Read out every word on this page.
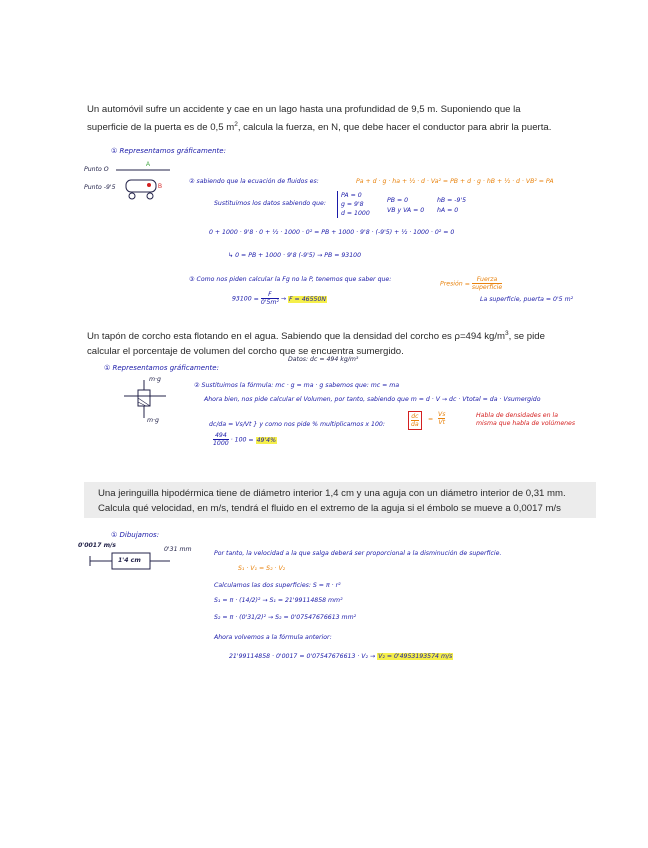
Un automóvil sufre un accidente y cae en un lago hasta una profundidad de 9,5 m. Suponiendo que la
superficie de la puerta es de 0,5 $m^2$, calcula la fuerza, en N, que debe hacer el conductor para abrir la puerta.
① Representamos gráficamente:
Punto O
Punto -9'5
A
B
② sabiendo que la ecuación de fluidos es:	Pa + d · g · ha + ½ · d · Va² = PB + d · g · hB + ½ · d · VB² = PA
Sustituimos los datos sabiendo que:
PA = 0
g = 9'8
d = 1000
PB = 0
VB y VA = 0
hB = -9'5
hA = 0
0 + 1000 · 9'8 · 0 + ½ · 1000 · 0² = PB + 1000 · 9'8 · (-9'5) + ½ · 1000 · 0² = 0
↳ 0 = PB + 1000 · 9'8 (-9'5) → PB = 93100
③ Como nos piden calcular la Fg no la P, tenemos que saber que:
Presión =
Fuerza
superficie
La superficie, puerta = 0'5 m²
$93100 = \frac{F}{\text{0'5m²}} \to F = 46550N$
Un tapón de corcho esta flotando en el agua. Sabiendo que la densidad del corcho es ρ=494 $kg/m^3$, se pide
calcular el porcentaje de volumen del corcho que se encuentra sumergido.
Datos: dc = 494 kg/m³
① Representamos gráficamente:
m·g
m·g
② Sustituimos la fórmula: mc · g = ma · g sabemos que: mc = ma
Ahora bien, nos pide calcular el Volumen, por tanto, sabiendo que m = d · V → dc · Vtotal = da · Vsumergido
$\frac{dc}{da} = \frac{Vs}{Vt}$	Habla de densidades en la misma que habla de volúmenes
dc/da = Vs/Vt } y como nos pide % multiplicamos x 100:
$\frac{494}{1000} \cdot 100 = 49'4\%$
Una jeringuilla hipodérmica tiene de diámetro interior 1,4 cm y una aguja con un diámetro interior de 0,31 mm.
Calcula qué velocidad, en m/s, tendrá el fluido en el extremo de la aguja si el émbolo se mueve a 0,0017 m/s
① Dibujamos:
0'0017 m/s
0'31 mm
1'4 cm
Por tanto, la velocidad a la que salga deberá ser proporcional a la disminución de superficie.
S₁ · V₁ = S₂ · V₂
Calculamos las dos superficies: S = π · r²
S₁ = π · (14/2)² → S₁ = 21'99114858 mm²
S₂ = π · (0'31/2)² → S₂ = 0'07547676613 mm²
Ahora volvemos a la fórmula anterior:
21'99114858 · 0'0017 = 0'07547676613 · V₂ → V₂ = 0'4953193574 m/s
